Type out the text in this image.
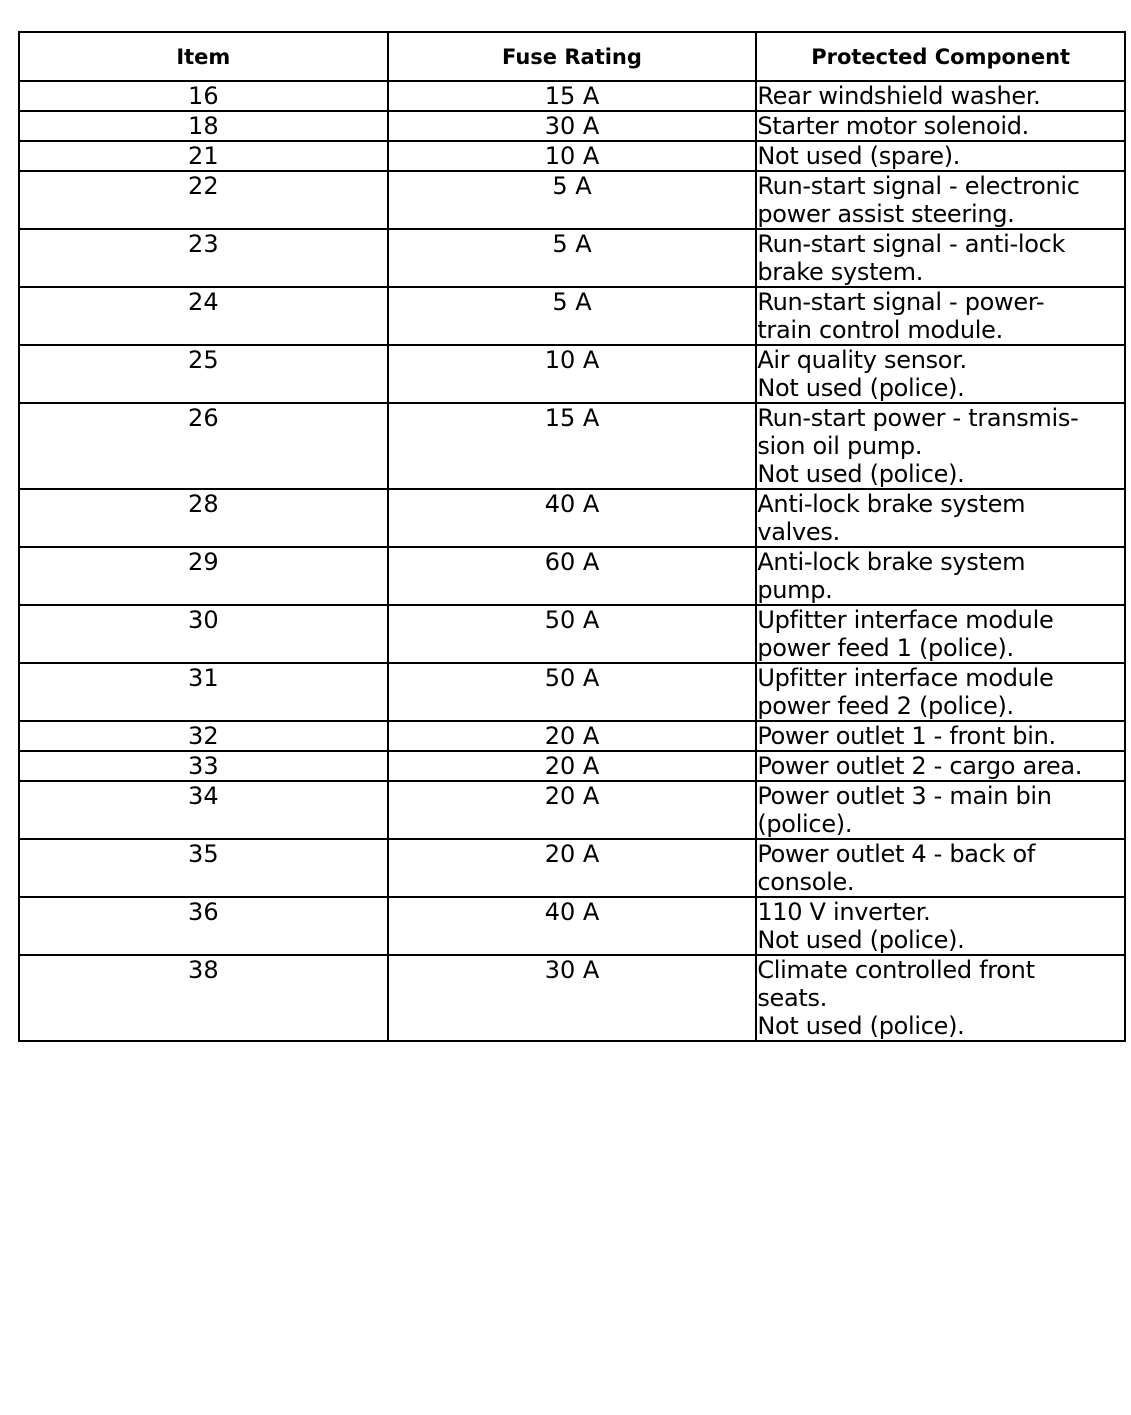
Item	Fuse Rating	Protected Component
16	15 A	Rear windshield washer.

18	30 A	Starter motor solenoid.

21	10 A	Not used (spare).

22	5 A	Run-start signal - electronic
power assist steering.

23	5 A	Run-start signal - anti-lock
brake system.

24	5 A	Run-start signal - power-
train control module.

25	10 A	Air quality sensor.
Not used (police).

26	15 A	Run-start power - transmis-
sion oil pump.
Not used (police).

28	40 A	Anti-lock brake system
valves.

29	60 A	Anti-lock brake system
pump.

30	50 A	Upfitter interface module
power feed 1 (police).

31	50 A	Upfitter interface module
power feed 2 (police).

32	20 A	Power outlet 1 - front bin.

33	20 A	Power outlet 2 - cargo area.

34	20 A	Power outlet 3 - main bin
(police).

35	20 A	Power outlet 4 - back of
console.

36	40 A	110 V inverter.
Not used (police).

38	30 A	Climate controlled front
seats.
Not used (police).
